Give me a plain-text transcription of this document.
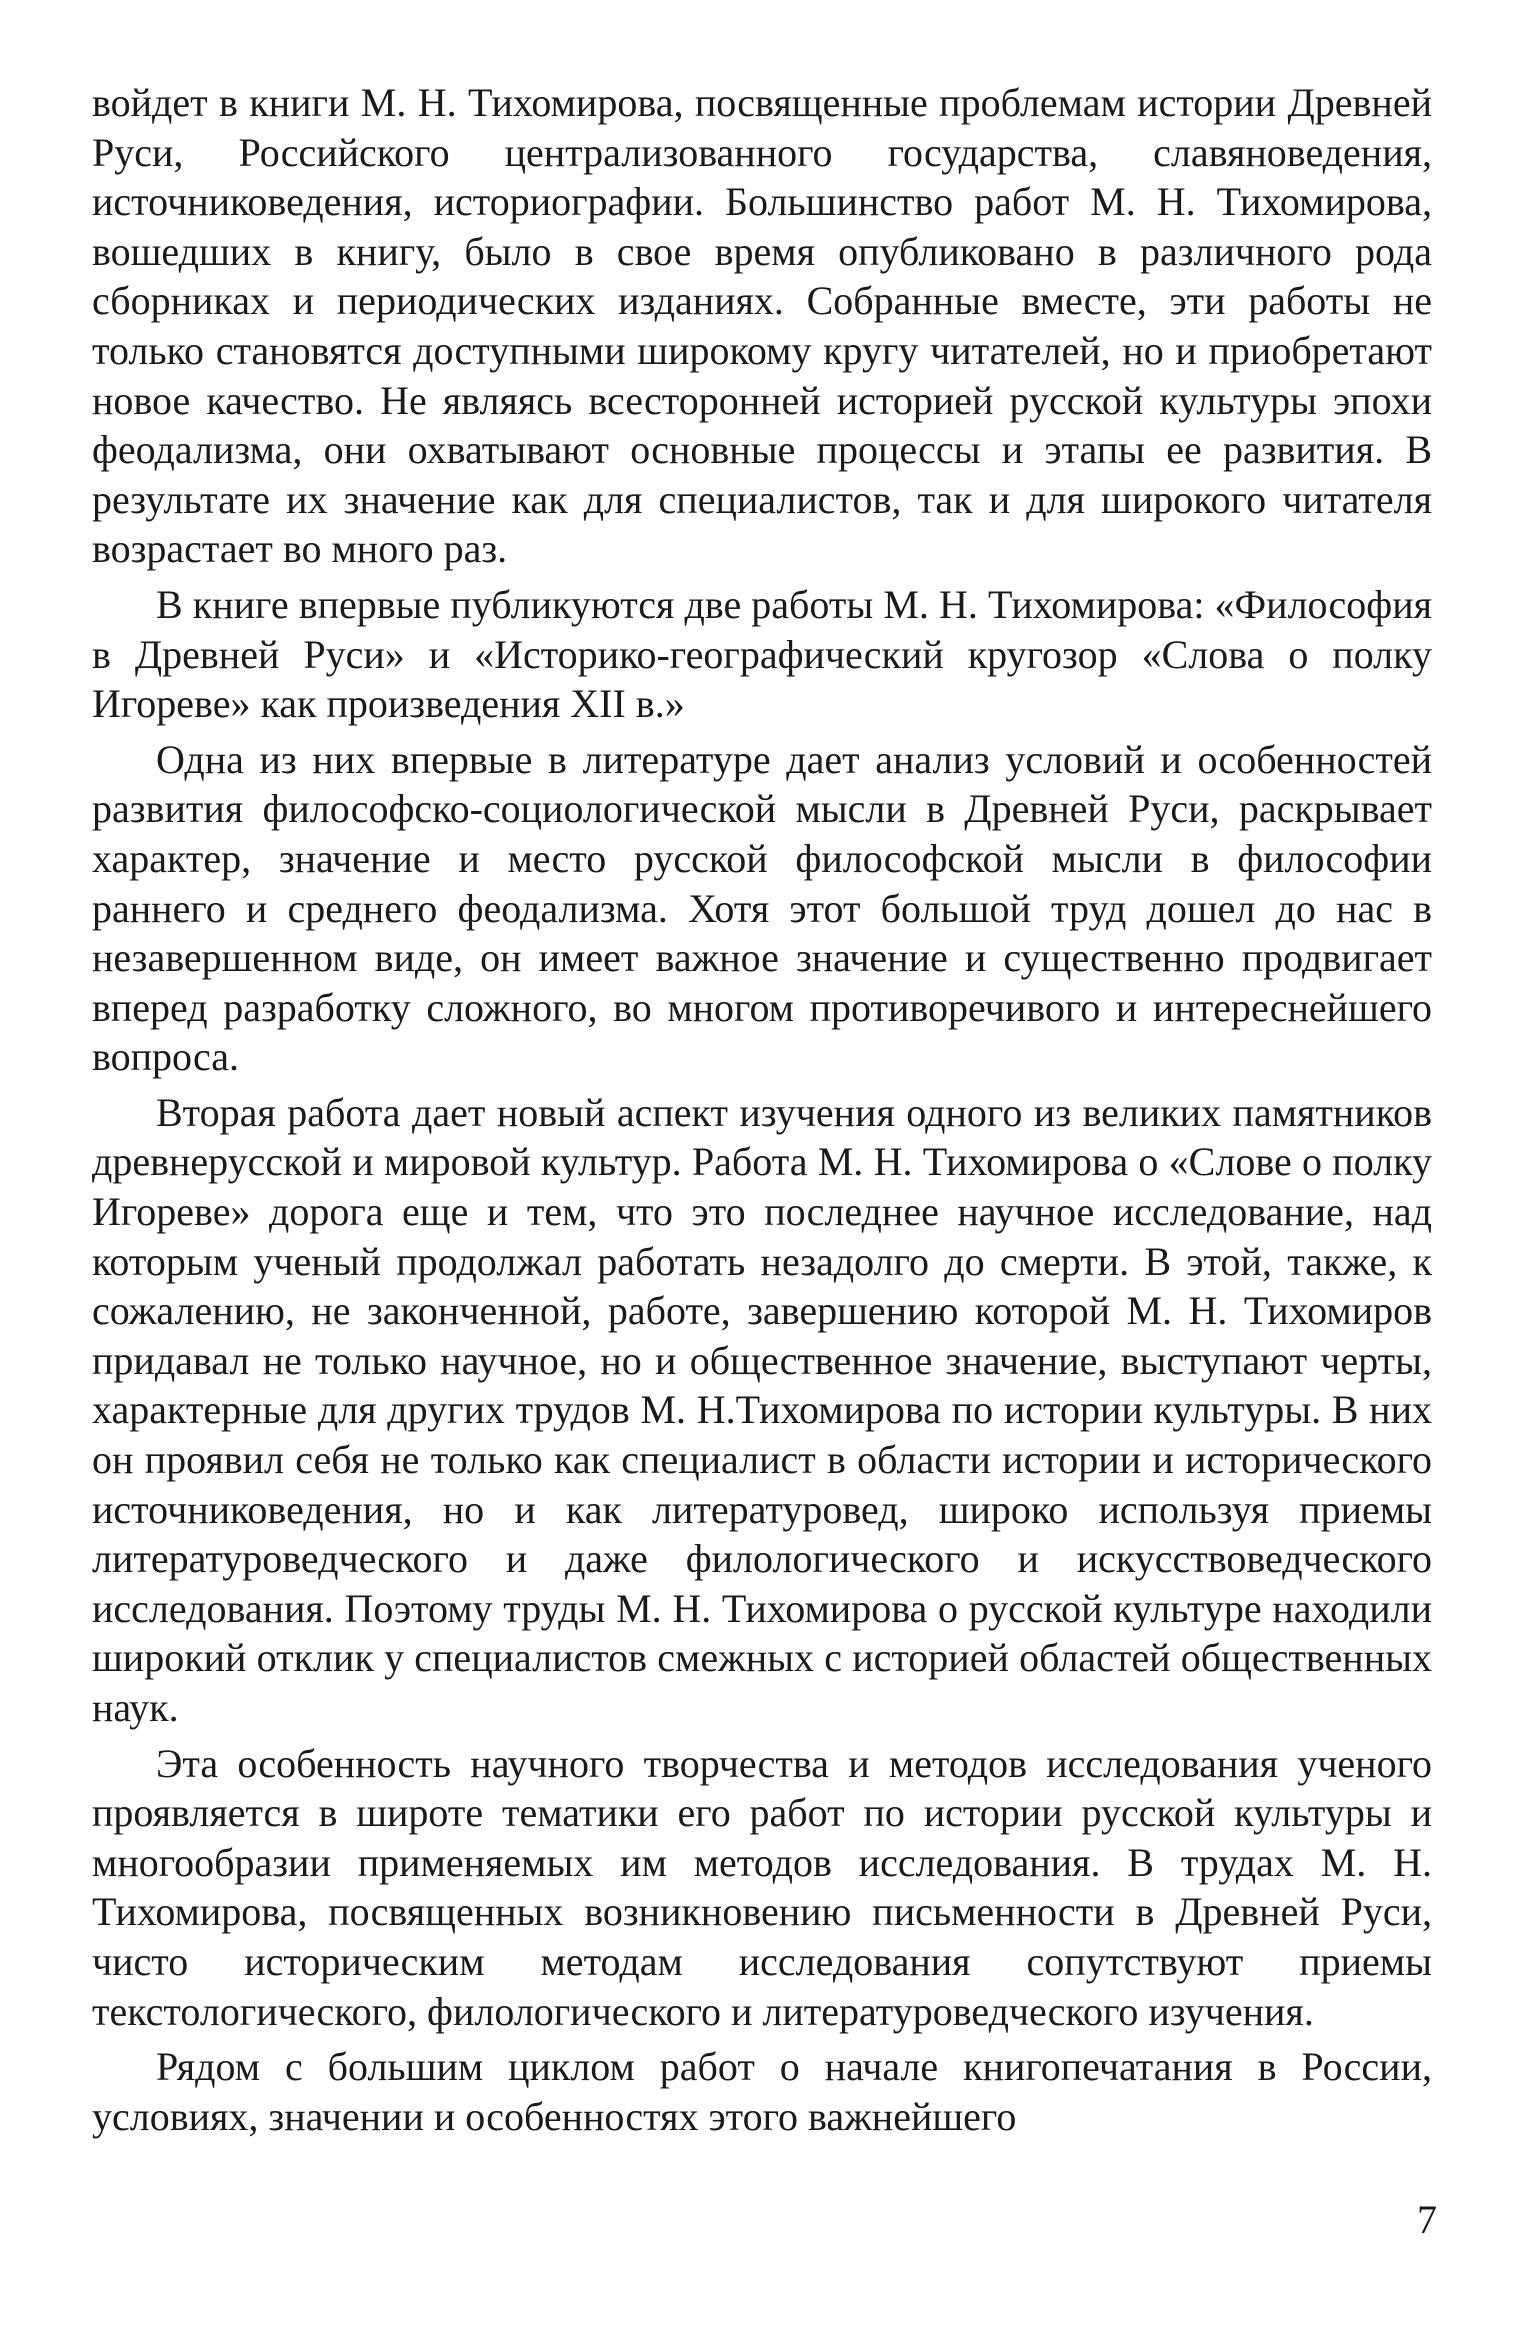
войдет в книги М. Н. Тихомирова, посвященные проблемам истории Древней Руси, Российского централизованного государства, славяноведения, источниковедения, историографии. Большинство работ М. Н. Тихомирова, вошедших в книгу, было в свое время опубликовано в различного рода сборниках и периодических изданиях. Собранные вместе, эти работы не только становятся доступными широкому кругу читателей, но и приобретают новое качество. Не являясь всесторонней историей русской культуры эпохи феодализма, они охватывают основные процессы и этапы ее развития. В результате их значение как для специалистов, так и для широкого читателя возрастает во много раз.

В книге впервые публикуются две работы М. Н. Тихомирова: «Философия в Древней Руси» и «Историко-географический кругозор «Слова о полку Игореве» как произведения XII в.»

Одна из них впервые в литературе дает анализ условий и особенностей развития философско-социологической мысли в Древней Руси, раскрывает характер, значение и место русской философской мысли в философии раннего и среднего феодализма. Хотя этот большой труд дошел до нас в незавершенном виде, он имеет важное значение и существенно продвигает вперед разработку сложного, во многом противоречивого и интереснейшего вопроса.

Вторая работа дает новый аспект изучения одного из великих памятников древнерусской и мировой культур. Работа М. Н. Тихомирова о «Слове о полку Игореве» дорога еще и тем, что это последнее научное исследование, над которым ученый продолжал работать незадолго до смерти. В этой, также, к сожалению, не законченной, работе, завершению которой М. Н. Тихомиров придавал не только научное, но и общественное значение, выступают черты, характерные для других трудов М. Н.Тихомирова по истории культуры. В них он проявил себя не только как специалист в области истории и исторического источниковедения, но и как литературовед, широко используя приемы литературоведческого и даже филологического и искусствоведческого исследования. Поэтому труды М. Н. Тихомирова о русской культуре находили широкий отклик у специалистов смежных с историей областей общественных наук.

Эта особенность научного творчества и методов исследования ученого проявляется в широте тематики его работ по истории русской культуры и многообразии применяемых им методов исследования. В трудах М. Н. Тихомирова, посвященных возникновению письменности в Древней Руси, чисто историческим методам исследования сопутствуют приемы текстологического, филологического и литературоведческого изучения.

Рядом с большим циклом работ о начале книгопечатания в России, условиях, значении и особенностях этого важнейшего

7
